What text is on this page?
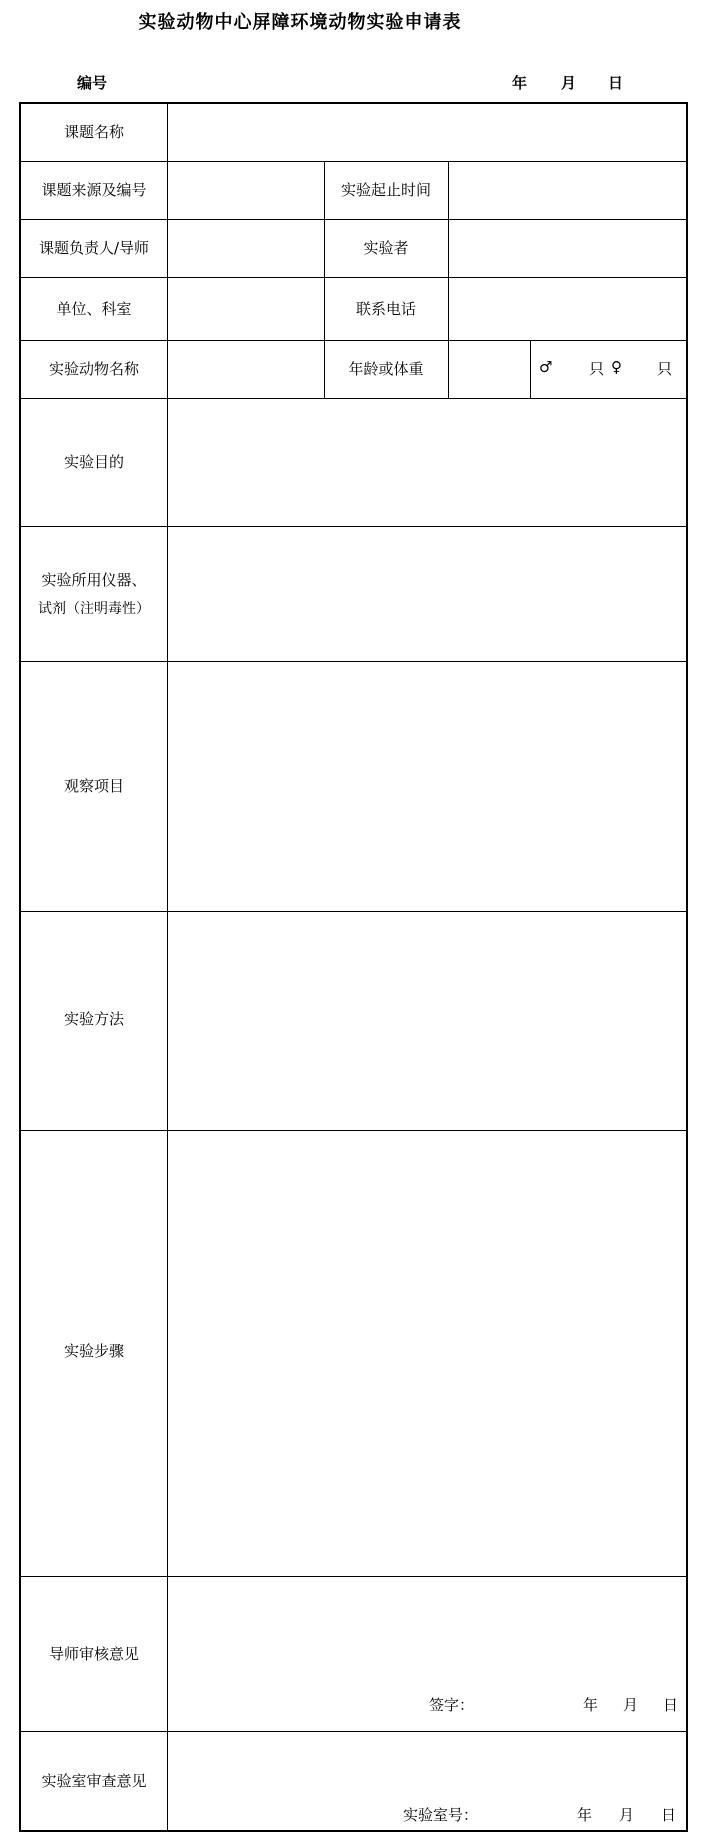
实验动物中心屏障环境动物实验申请表
编号	年 月 日
课题名称
课题来源及编号	实验起止时间
课题负责人/导师	实验者
单位、科室	联系电话
实验动物名称	年龄或体重	♂ 只 ♀ 只
实验目的
实验所用仪器、
试剂（注明毒性）
观察项目
实验方法
实验步骤
导师审核意见
签字：	年 月 日
实验室审查意见
实验室号：	年 月 日
